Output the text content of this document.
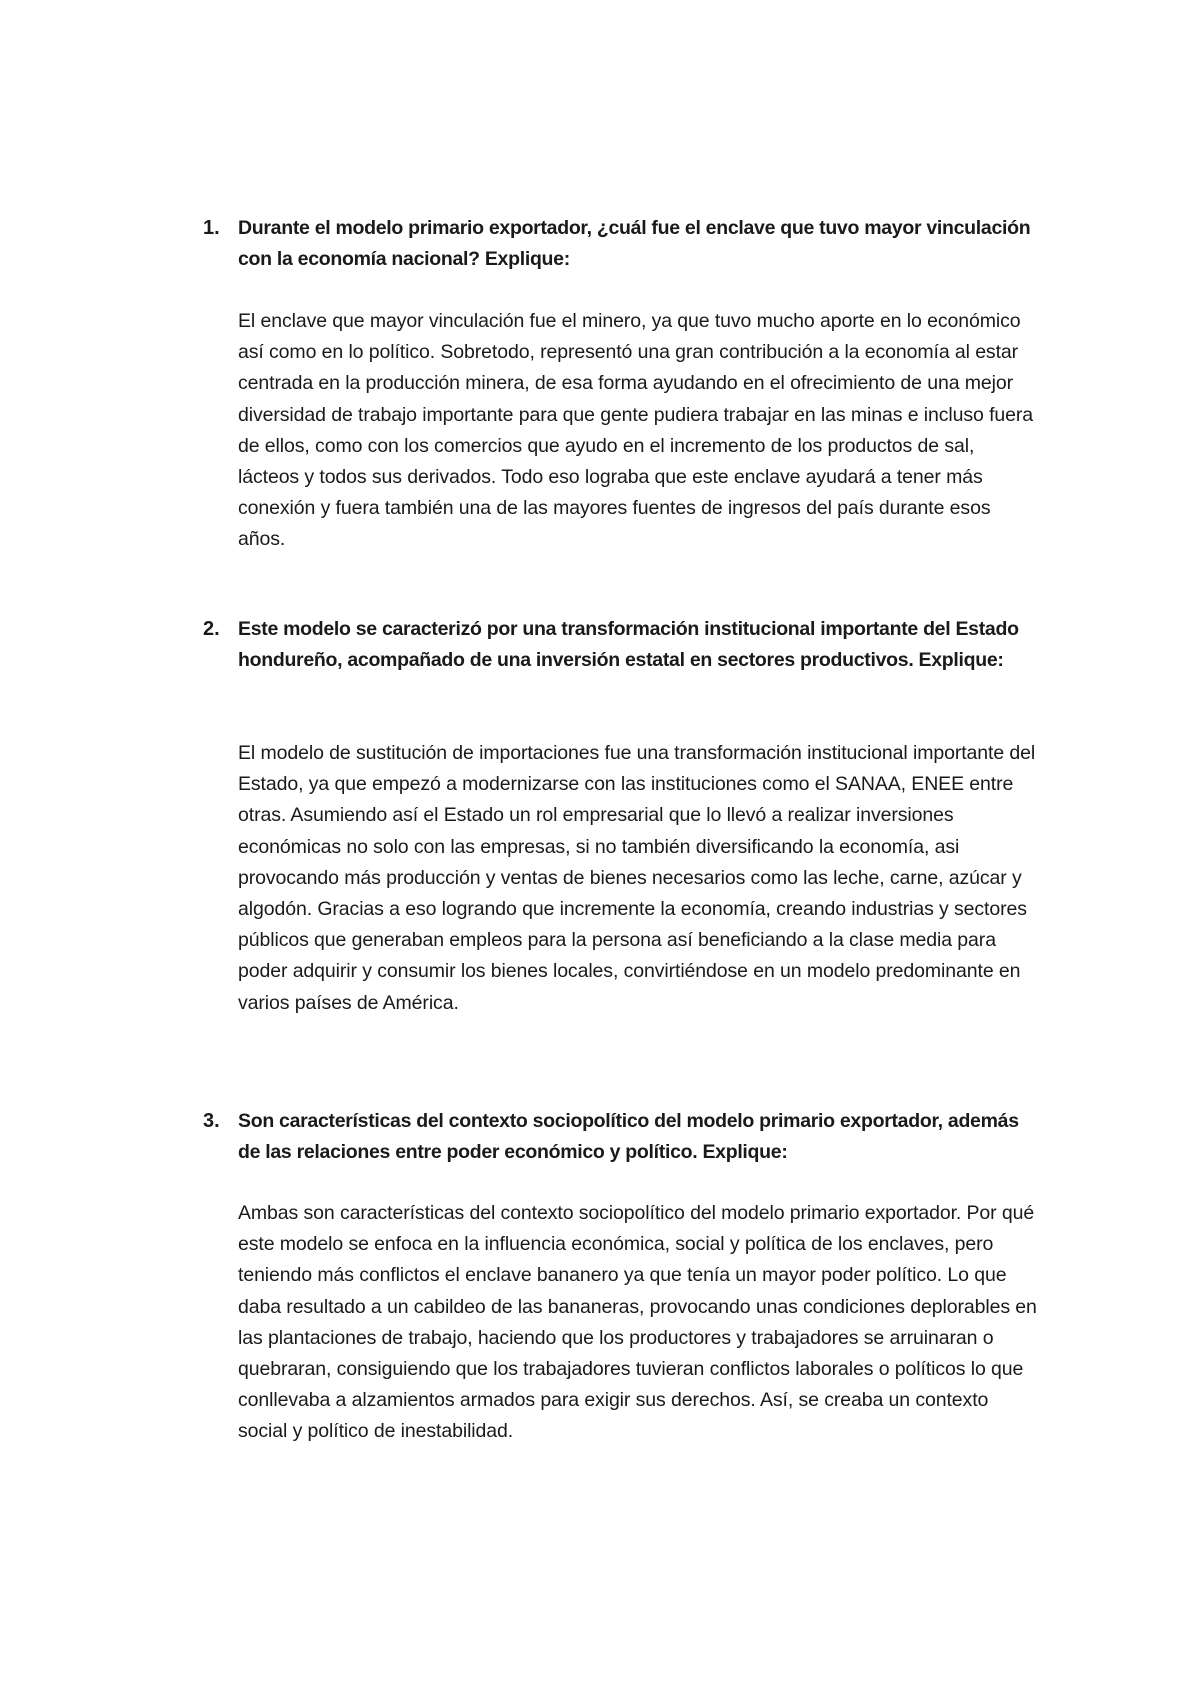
1. Durante el modelo primario exportador, ¿cuál fue el enclave que tuvo mayor vinculación con la economía nacional? Explique:
El enclave que mayor vinculación fue el minero, ya que tuvo mucho aporte en lo económico así como en lo político. Sobretodo, representó una gran contribución a la economía al estar centrada en la producción minera, de esa forma ayudando en el ofrecimiento de una mejor diversidad de trabajo importante para que gente pudiera trabajar en las minas e incluso fuera de ellos, como con los comercios que ayudo en el incremento de los productos de sal, lácteos y todos sus derivados. Todo eso lograba que este enclave ayudará a tener más conexión y fuera también una de las mayores fuentes de ingresos del país durante esos años.
2. Este modelo se caracterizó por una transformación institucional importante del Estado hondureño, acompañado de una inversión estatal en sectores productivos. Explique:
El modelo de sustitución de importaciones fue una transformación institucional importante del Estado, ya que empezó a modernizarse con las instituciones como el SANAA, ENEE entre otras. Asumiendo así el Estado un rol empresarial que lo llevó a realizar inversiones económicas no solo con las empresas, si no también diversificando la economía, asi provocando más producción y ventas de bienes necesarios como las leche, carne, azúcar y algodón. Gracias a eso logrando que incremente la economía, creando industrias y sectores públicos que generaban empleos para la persona así beneficiando a la clase media para poder adquirir y consumir los bienes locales, convirtiéndose en un modelo predominante en varios países de América.
3. Son características del contexto sociopolítico del modelo primario exportador, además de las relaciones entre poder económico y político. Explique:
Ambas son características del contexto sociopolítico del modelo primario exportador. Por qué este modelo se enfoca en la influencia económica, social y política de los enclaves, pero teniendo más conflictos el enclave bananero ya que tenía un mayor poder político. Lo que daba resultado a un cabildeo de las bananeras, provocando unas condiciones deplorables en las plantaciones de trabajo, haciendo que los productores y trabajadores se arruinaran o quebraran, consiguiendo que los trabajadores tuvieran conflictos laborales o políticos lo que conllevaba a alzamientos armados para exigir sus derechos. Así, se creaba un contexto social y político de inestabilidad.
